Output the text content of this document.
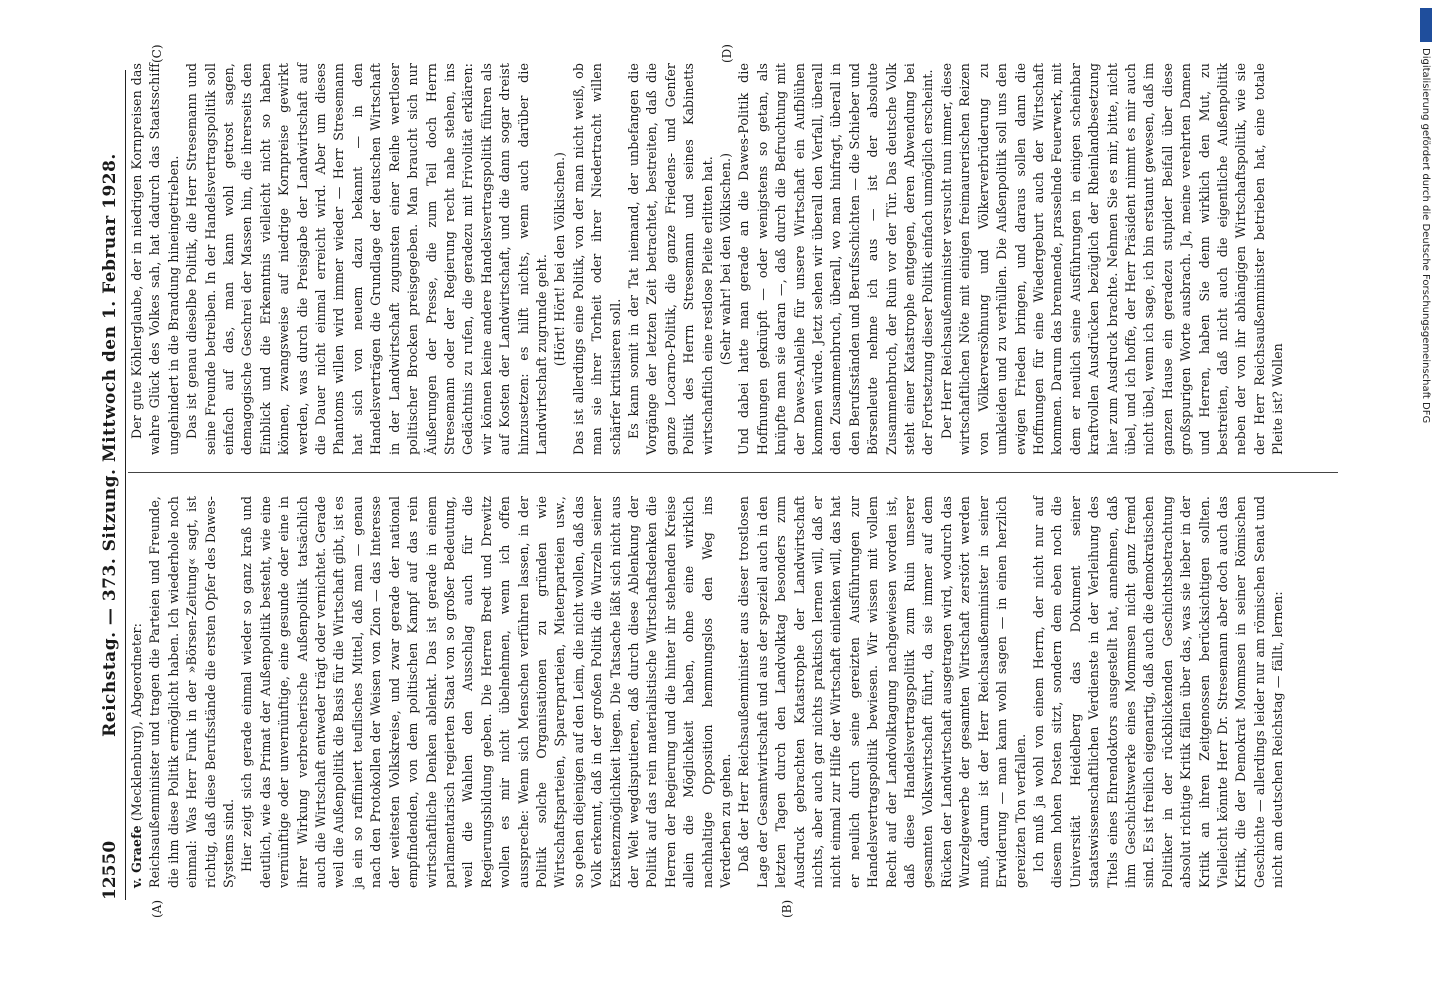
12550
Reichstag. — 373. Sitzung. Mittwoch den 1. Februar 1928.
(A)	(B)
(C)	(D)

v. Graefe (Mecklenburg), Abgeordneter: Reichsaußenminister und tragen die Parteien und Freunde, die ihm diese Politik ermöglicht haben. Ich wiederhole noch einmal: Was Herr Funk in der »Börsen-Zeitung« sagt, ist richtig, daß diese Berufsstände die ersten Opfer des Dawes-Systems sind. Hier zeigt sich gerade einmal wieder so ganz kraß und deutlich, wie das Primat der Außenpolitik besteht, wie eine vernünftige oder unvernünftige, eine gesunde oder eine in ihrer Wirkung verbrecherische Außenpolitik tatsächlich auch die Wirtschaft entweder trägt oder vernichtet. Gerade weil die Außenpolitik die Basis für die Wirtschaft gibt, ist es ja ein so raffiniert teuflisches Mittel, daß man — genau nach den Protokollen der Weisen von Zion — das Interesse der weitesten Volkskreise, und zwar gerade der national empfindenden, von dem politischen Kampf auf das rein wirtschaftliche Denken ablenkt. Das ist gerade in einem parlamentarisch regierten Staat von so großer Bedeutung, weil die Wahlen den Ausschlag auch für die Regierungsbildung geben. Die Herren Bredt und Drewitz wollen es mir nicht übelnehmen, wenn ich offen ausspreche: Wenn sich Menschen verführen lassen, in der Politik solche Organisationen zu gründen wie Wirtschaftsparteien, Sparerparteien, Mieterparteien usw., so gehen diejenigen auf den Leim, die nicht wollen, daß das Volk erkennt, daß in der großen Politik die Wurzeln seiner Existenzmöglichkeit liegen. Die Tatsache läßt sich nicht aus der Welt wegdisputieren, daß durch diese Ablenkung der Politik auf das rein materialistische Wirtschaftsdenken die Herren der Regierung und die hinter ihr stehenden Kreise allein die Möglichkeit haben, ohne eine wirklich nachhaltige Opposition hemmungslos den Weg ins Verderben zu gehen. Daß der Herr Reichsaußenminister aus dieser trostlosen Lage der Gesamtwirtschaft und aus der speziell auch in den letzten Tagen durch den Landvolktag besonders zum Ausdruck gebrachten Katastrophe der Landwirtschaft nichts, aber auch gar nichts praktisch lernen will, daß er nicht einmal zur Hilfe der Wirtschaft einlenken will, das hat er neulich durch seine gereizten Ausführungen zur Handelsvertragspolitik bewiesen. Wir wissen mit vollem Recht auf der Landvolktagung nachgewiesen worden ist, daß diese Handelsvertragspolitik zum Ruin unserer gesamten Volkswirtschaft führt, da sie immer auf dem Rücken der Landwirtschaft ausgetragen wird, wodurch das Wurzelgewerbe der gesamten Wirtschaft zerstört werden muß, darum ist der Herr Reichsaußenminister in seiner Erwiderung — man kann wohl sagen — in einen herzlich gereizten Ton verfallen. Ich muß ja wohl von einem Herrn, der nicht nur auf diesem hohen Posten sitzt, sondern dem eben noch die Universität Heidelberg das Dokument seiner staatswissenschaftlichen Verdienste in der Verleihung des Titels eines Ehrendoktors ausgestellt hat, annehmen, daß ihm Geschichtswerke eines Mommsen nicht ganz fremd sind. Es ist freilich eigenartig, daß auch die demokratischen Politiker in der rückblickenden Geschichtsbetrachtung absolut richtige Kritik fällen über das, was sie lieber in der Kritik an ihren Zeitgenossen berücksichtigen sollten. Vielleicht könnte Herr Dr. Stresemann aber doch auch das Kritik, die der Demokrat Mommsen in seiner Römischen Geschichte — allerdings leider nur am römischen Senat und nicht am deutschen Reichstag — fällt, lernen:

Der gute Köhlerglaube, der in niedrigen Kornpreisen das wahre Glück des Volkes sah, hat dadurch das Staatsschiff ungehindert in die Brandung hineingetrieben. Das ist genau dieselbe Politik, die Herr Stresemann und seine Freunde betreiben. In der Handelsvertragspolitik soll einfach auf das, man kann wohl getrost sagen, demagogische Geschrei der Massen hin, die ihrerseits den Einblick und die Erkenntnis vielleicht nicht so haben können, zwangsweise auf niedrige Kornpreise gewirkt werden, was durch die Preisgabe der Landwirtschaft auf die Dauer nicht einmal erreicht wird. Aber um dieses Phantoms willen wird immer wieder — Herr Stresemann hat sich von neuem dazu bekannt — in den Handelsverträgen die Grundlage der deutschen Wirtschaft in der Landwirtschaft zugunsten einer Reihe wertloser politischer Brocken preisgegeben. Man braucht sich nur Äußerungen der Presse, die zum Teil doch Herrn Stresemann oder der Regierung recht nahe stehen, ins Gedächtnis zu rufen, die geradezu mit Frivolität erklären: wir können keine andere Handelsvertragspolitik führen als auf Kosten der Landwirtschaft, und die dann sogar dreist hinzusetzen: es hilft nichts, wenn auch darüber die Landwirtschaft zugrunde geht. (Hört! Hört! bei den Völkischen.) Das ist allerdings eine Politik, von der man nicht weiß, ob man sie ihrer Torheit oder ihrer Niedertracht willen schärfer kritisieren soll. Es kann somit in der Tat niemand, der unbefangen die Vorgänge der letzten Zeit betrachtet, bestreiten, daß die ganze Locarno-Politik, die ganze Friedens- und Genfer Politik des Herrn Stresemann und seines Kabinetts wirtschaftlich eine restlose Pleite erlitten hat. (Sehr wahr! bei den Völkischen.) Und dabei hatte man gerade an die Dawes-Politik die Hoffnungen geknüpft — oder wenigstens so getan, als knüpfte man sie daran —, daß durch die Befruchtung mit der Dawes-Anleihe für unsere Wirtschaft ein Aufblühen kommen würde. Jetzt sehen wir überall den Verfall, überall den Zusammenbruch, überall, wo man hinfragt, überall in den Berufsständen und Berufsschichten — die Schieber und Börsenleute nehme ich aus — ist der absolute Zusammenbruch, der Ruin vor der Tür. Das deutsche Volk steht einer Katastrophe entgegen, deren Abwendung bei der Fortsetzung dieser Politik einfach unmöglich erscheint. Der Herr Reichsaußenminister versucht nun immer, diese wirtschaftlichen Nöte mit einigen freimaurerischen Reizen von Völkerversöhnung und Völkerverbrüderung zu umkleiden und zu verhüllen. Die Außenpolitik soll uns den ewigen Frieden bringen, und daraus sollen dann die Hoffnungen für eine Wiedergeburt auch der Wirtschaft kommen. Darum das brennende, prasselnde Feuerwerk, mit dem er neulich seine Ausführungen in einigen scheinbar kraftvollen Ausdrücken bezüglich der Rheinlandbesetzung hier zum Ausdruck brachte. Nehmen Sie es mir, bitte, nicht übel, und ich hoffe, der Herr Präsident nimmt es mir auch nicht übel, wenn ich sage, ich bin erstaunt gewesen, daß im ganzen Hause ein geradezu stupider Beifall über diese großspurigen Worte ausbrach. Ja, meine verehrten Damen und Herren, haben Sie denn wirklich den Mut, zu bestreiten, daß nicht auch die eigentliche Außenpolitik neben der von ihr abhängigen Wirtschaftspolitik, wie sie der Herr Reichsaußenminister betrieben hat, eine totale Pleite ist? Wollen

Digitalisierung gefördert durch die Deutsche Forschungsgemeinschaft DFG
